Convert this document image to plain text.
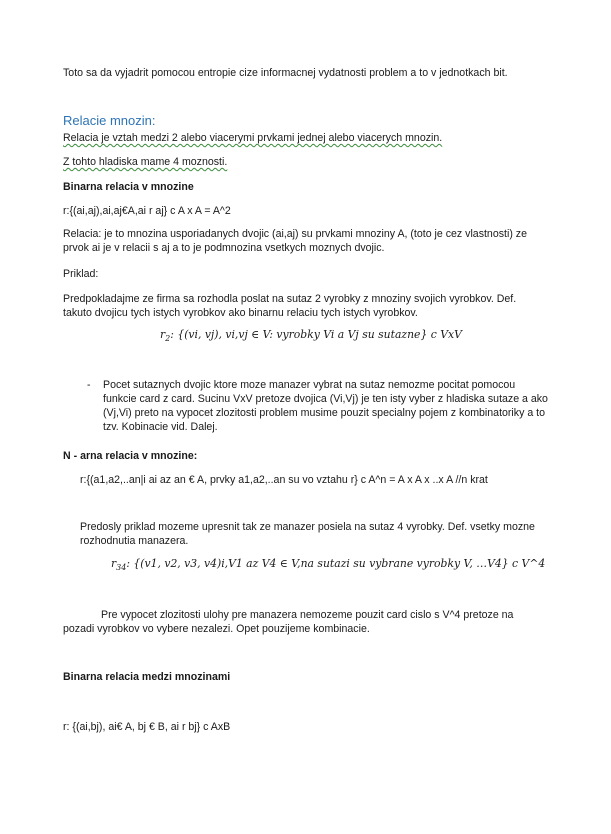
Toto sa da vyjadrit pomocou entropie cize informacnej vydatnosti problem a to v jednotkach bit.
Relacie mnozin:
Relacia je vztah medzi 2 alebo viacerymi prvkami jednej alebo viacerych mnozin.
Z tohto hladiska mame 4 moznosti.
Binarna relacia v mnozine
r:{(ai,aj),ai,aj€A,ai r aj} c A x A = A^2
Relacia: je to mnozina usporiadanych dvojic (ai,aj) su prvkami mnoziny A, (toto je cez vlastnosti) ze prvok ai je v relacii s aj a to je podmnozina vsetkych moznych dvojic.
Priklad:
Predpokladajme ze firma sa rozhodla poslat na sutaz 2 vyrobky z mnoziny svojich vyrobkov. Def. takuto dvojicu tych istych vyrobkov ako binarnu relaciu tych istych vyrobkov.
$r_2$: {(vi, vj), vi,vj ∈ V: vyrobky Vi a Vj su sutazne} c VxV
- Pocet sutaznych dvojic ktore moze manazer vybrat na sutaz nemozme pocitat pomocou funkcie card z card. Sucinu VxV pretoze dvojica (Vi,Vj) je ten isty vyber z hladiska sutaze a ako (Vj,Vi) preto na vypocet zlozitosti problem musime pouzit specialny pojem z kombinatoriky a to tzv. Kobinacie vid. Dalej.
N - arna relacia v mnozine:
r:{(a1,a2,..an|i ai az an € A, prvky a1,a2,..an su vo vztahu r} c A^n = A x A x ..x A //n krat
Predosly priklad mozeme upresnit tak ze manazer posiela na sutaz 4 vyrobky. Def. vsetky mozne rozhodnutia manazera.
$r_{34}$: {(v1, v2, v3, v4)i,V1 az V4 ∈ V,na sutazi su vybrane vyrobky V, …V4} c V^4
Pre vypocet zlozitosti ulohy pre manazera nemozeme pouzit card cislo s V^4 pretoze na pozadi vyrobkov vo vybere nezalezi. Opet pouzijeme kombinacie.
Binarna relacia medzi mnozinami
r: {(ai,bj), ai€ A, bj € B, ai r bj} c AxB
